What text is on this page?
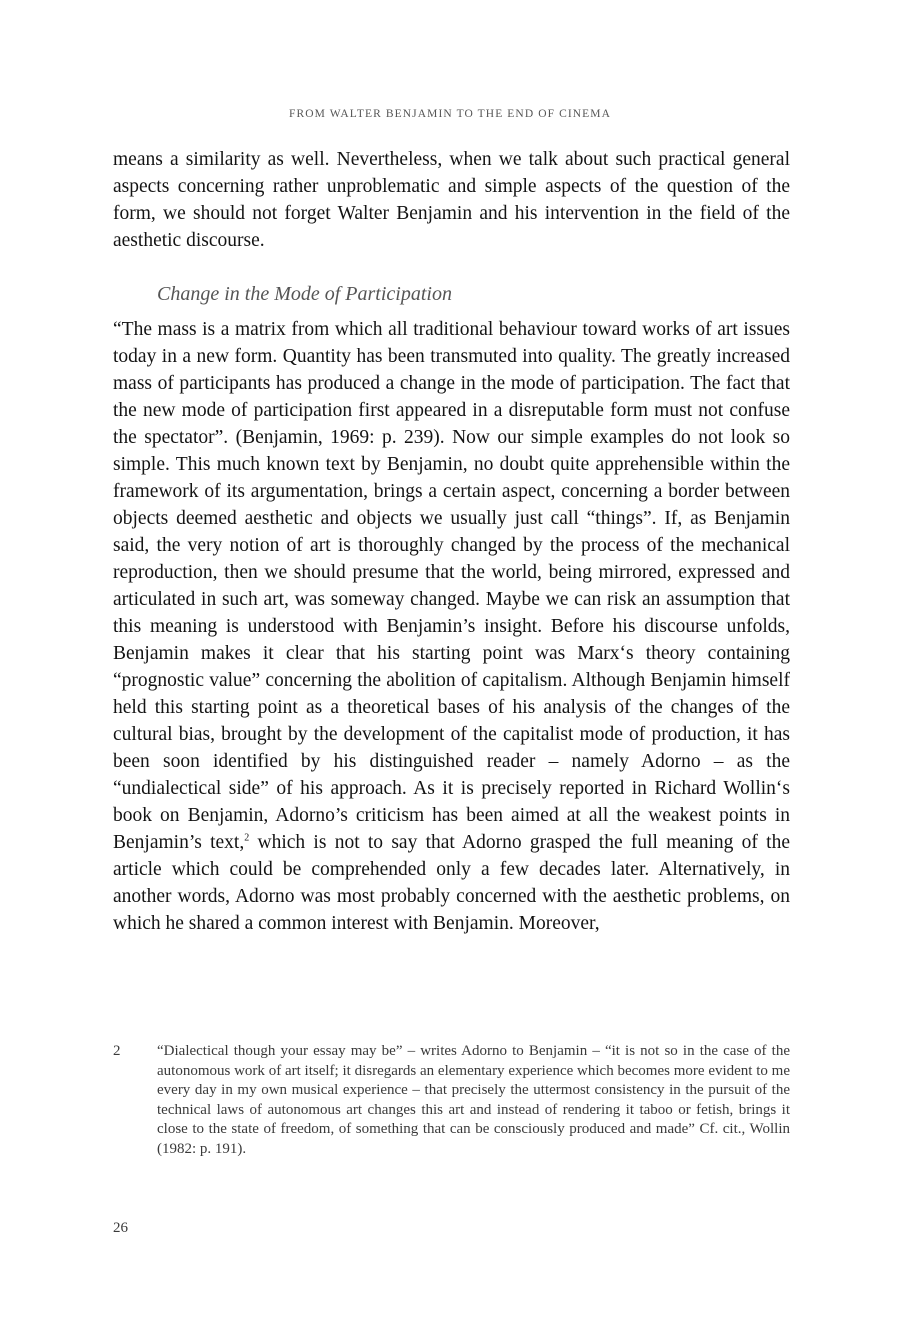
FROM WALTER BENJAMIN TO THE END OF CINEMA

means a similarity as well. Nevertheless, when we talk about such practical general aspects concerning rather unproblematic and simple aspects of the question of the form, we should not forget Walter Benjamin and his intervention in the field of the aesthetic discourse.

Change in the Mode of Participation

“The mass is a matrix from which all traditional behaviour toward works of art issues today in a new form. Quantity has been transmuted into quality. The greatly increased mass of participants has produced a change in the mode of participation. The fact that the new mode of participation first appeared in a disreputable form must not confuse the spectator”. (Benjamin, 1969: p. 239). Now our simple examples do not look so simple. This much known text by Benjamin, no doubt quite apprehensible within the framework of its argumentation, brings a certain aspect, concerning a border between objects deemed aesthetic and objects we usually just call “things”. If, as Benjamin said, the very notion of art is thoroughly changed by the process of the mechanical reproduction, then we should presume that the world, being mirrored, expressed and articulated in such art, was someway changed. Maybe we can risk an assumption that this meaning is understood with Benjamin’s insight. Before his discourse unfolds, Benjamin makes it clear that his starting point was Marx‘s theory containing “prognostic value” concerning the abolition of capitalism. Although Benjamin himself held this starting point as a theoretical bases of his analysis of the changes of the cultural bias, brought by the development of the capitalist mode of production, it has been soon identified by his distinguished reader – namely Adorno – as the “undialectical side” of his approach. As it is precisely reported in Richard Wollin‘s book on Benjamin, Adorno’s criticism has been aimed at all the weakest points in Benjamin’s text,$^2$ which is not to say that Adorno grasped the full meaning of the article which could be comprehended only a few decades later. Alternatively, in another words, Adorno was most probably concerned with the aesthetic problems, on which he shared a common interest with Benjamin. Moreover,

2 “Dialectical though your essay may be” – writes Adorno to Benjamin – “it is not so in the case of the autonomous work of art itself; it disregards an elementary experience which becomes more evident to me every day in my own musical experience – that precisely the uttermost consistency in the pursuit of the technical laws of autonomous art changes this art and instead of rendering it taboo or fetish, brings it close to the state of freedom, of something that can be consciously produced and made” Cf. cit., Wollin (1982: p. 191).

26
